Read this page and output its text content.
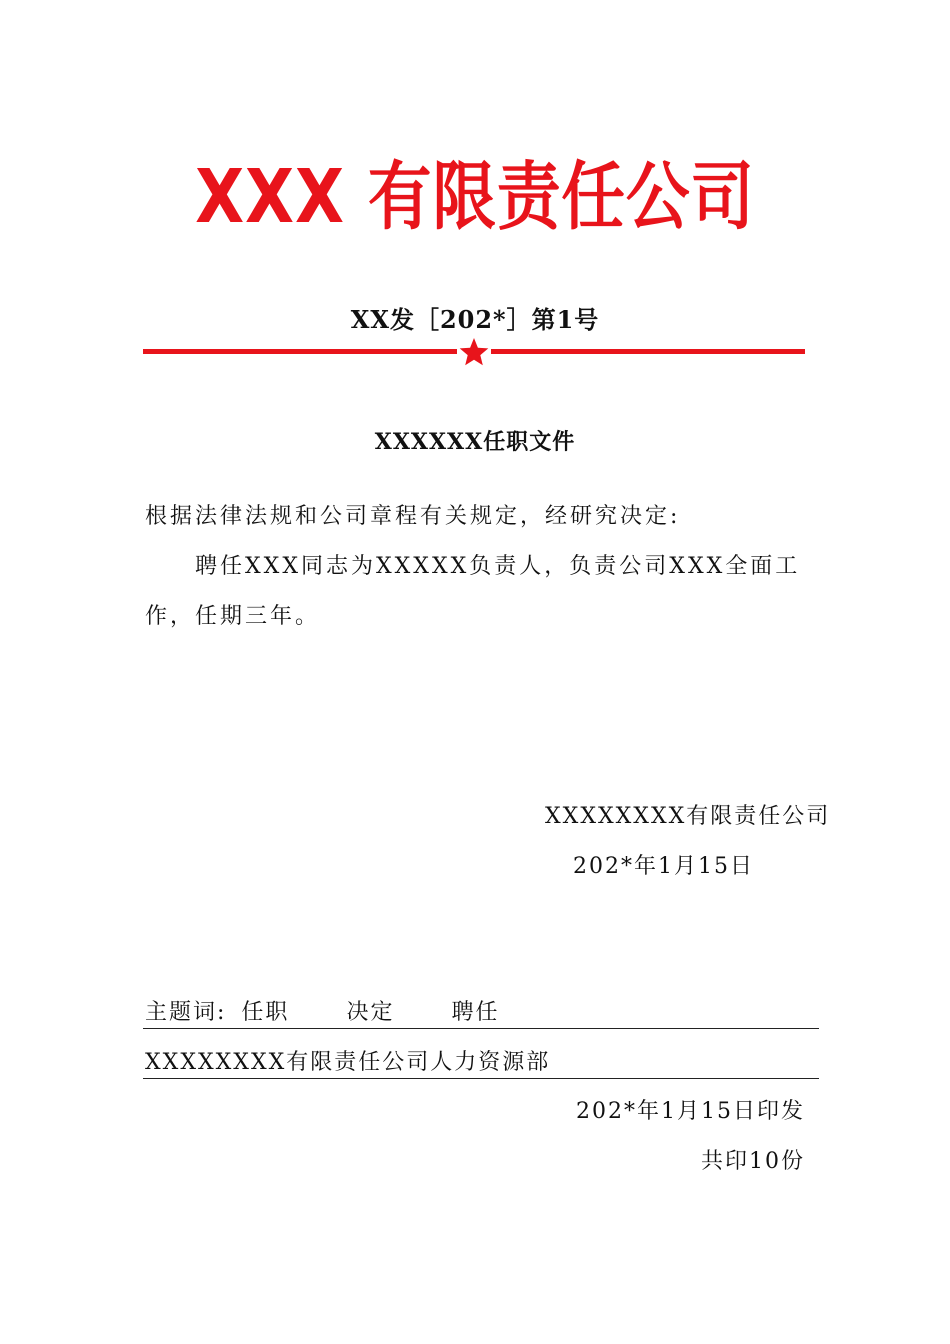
XXX 有限责任公司
XX发［202*］第1号
XXXXXX任职文件
根据法律法规和公司章程有关规定，经研究决定:
聘任XXX同志为XXXXX负责人，负责公司XXX全面工作，任期三年。
XXXXXXXX有限责任公司
202*年1月15日
主题词: 任职	决定	聘任
XXXXXXXX有限责任公司人力资源部
202*年1月15日印发
共印10份
